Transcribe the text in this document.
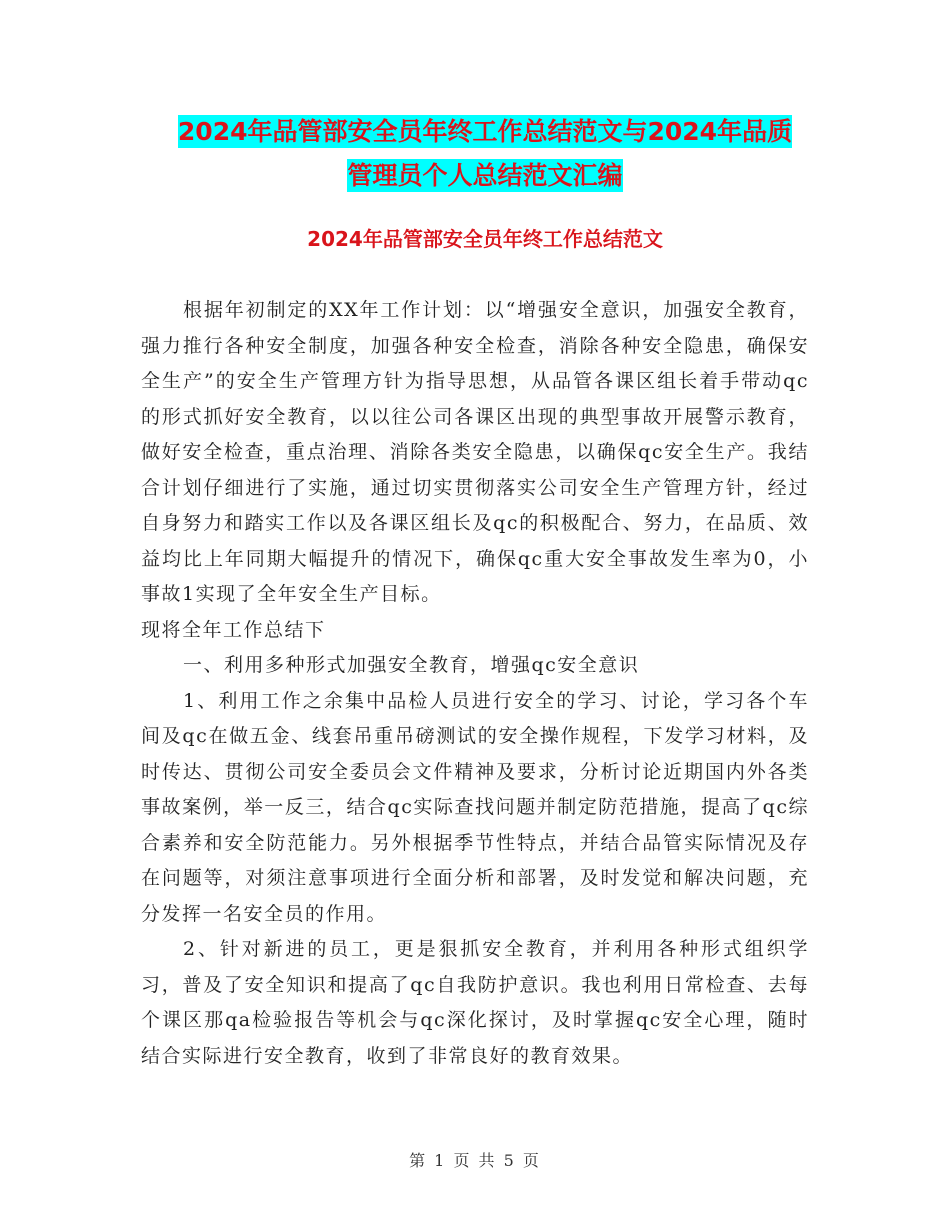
2024年品管部安全员年终工作总结范文与2024年品质
管理员个人总结范文汇编
2024年品管部安全员年终工作总结范文

根据年初制定的XX年工作计划：以“增强安全意识，加强安全教育，强力推行各种安全制度，加强各种安全检查，消除各种安全隐患，确保安全生产”的安全生产管理方针为指导思想，从品管各课区组长着手带动qc的形式抓好安全教育，以以往公司各课区出现的典型事故开展警示教育，做好安全检查，重点治理、消除各类安全隐患，以确保qc安全生产。我结合计划仔细进行了实施，通过切实贯彻落实公司安全生产管理方针，经过自身努力和踏实工作以及各课区组长及qc的积极配合、努力，在品质、效益均比上年同期大幅提升的情况下，确保qc重大安全事故发生率为0，小事故1实现了全年安全生产目标。

现将全年工作总结下

一、利用多种形式加强安全教育，增强qc安全意识

1、利用工作之余集中品检人员进行安全的学习、讨论，学习各个车间及qc在做五金、线套吊重吊磅测试的安全操作规程，下发学习材料，及时传达、贯彻公司安全委员会文件精神及要求，分析讨论近期国内外各类事故案例，举一反三，结合qc实际查找问题并制定防范措施，提高了qc综合素养和安全防范能力。另外根据季节性特点，并结合品管实际情况及存在问题等，对须注意事项进行全面分析和部署，及时发觉和解决问题，充分发挥一名安全员的作用。

2、针对新进的员工，更是狠抓安全教育，并利用各种形式组织学习，普及了安全知识和提高了qc自我防护意识。我也利用日常检查、去每个课区那qa检验报告等机会与qc深化探讨，及时掌握qc安全心理，随时结合实际进行安全教育，收到了非常良好的教育效果。

第 1 页 共 5 页
